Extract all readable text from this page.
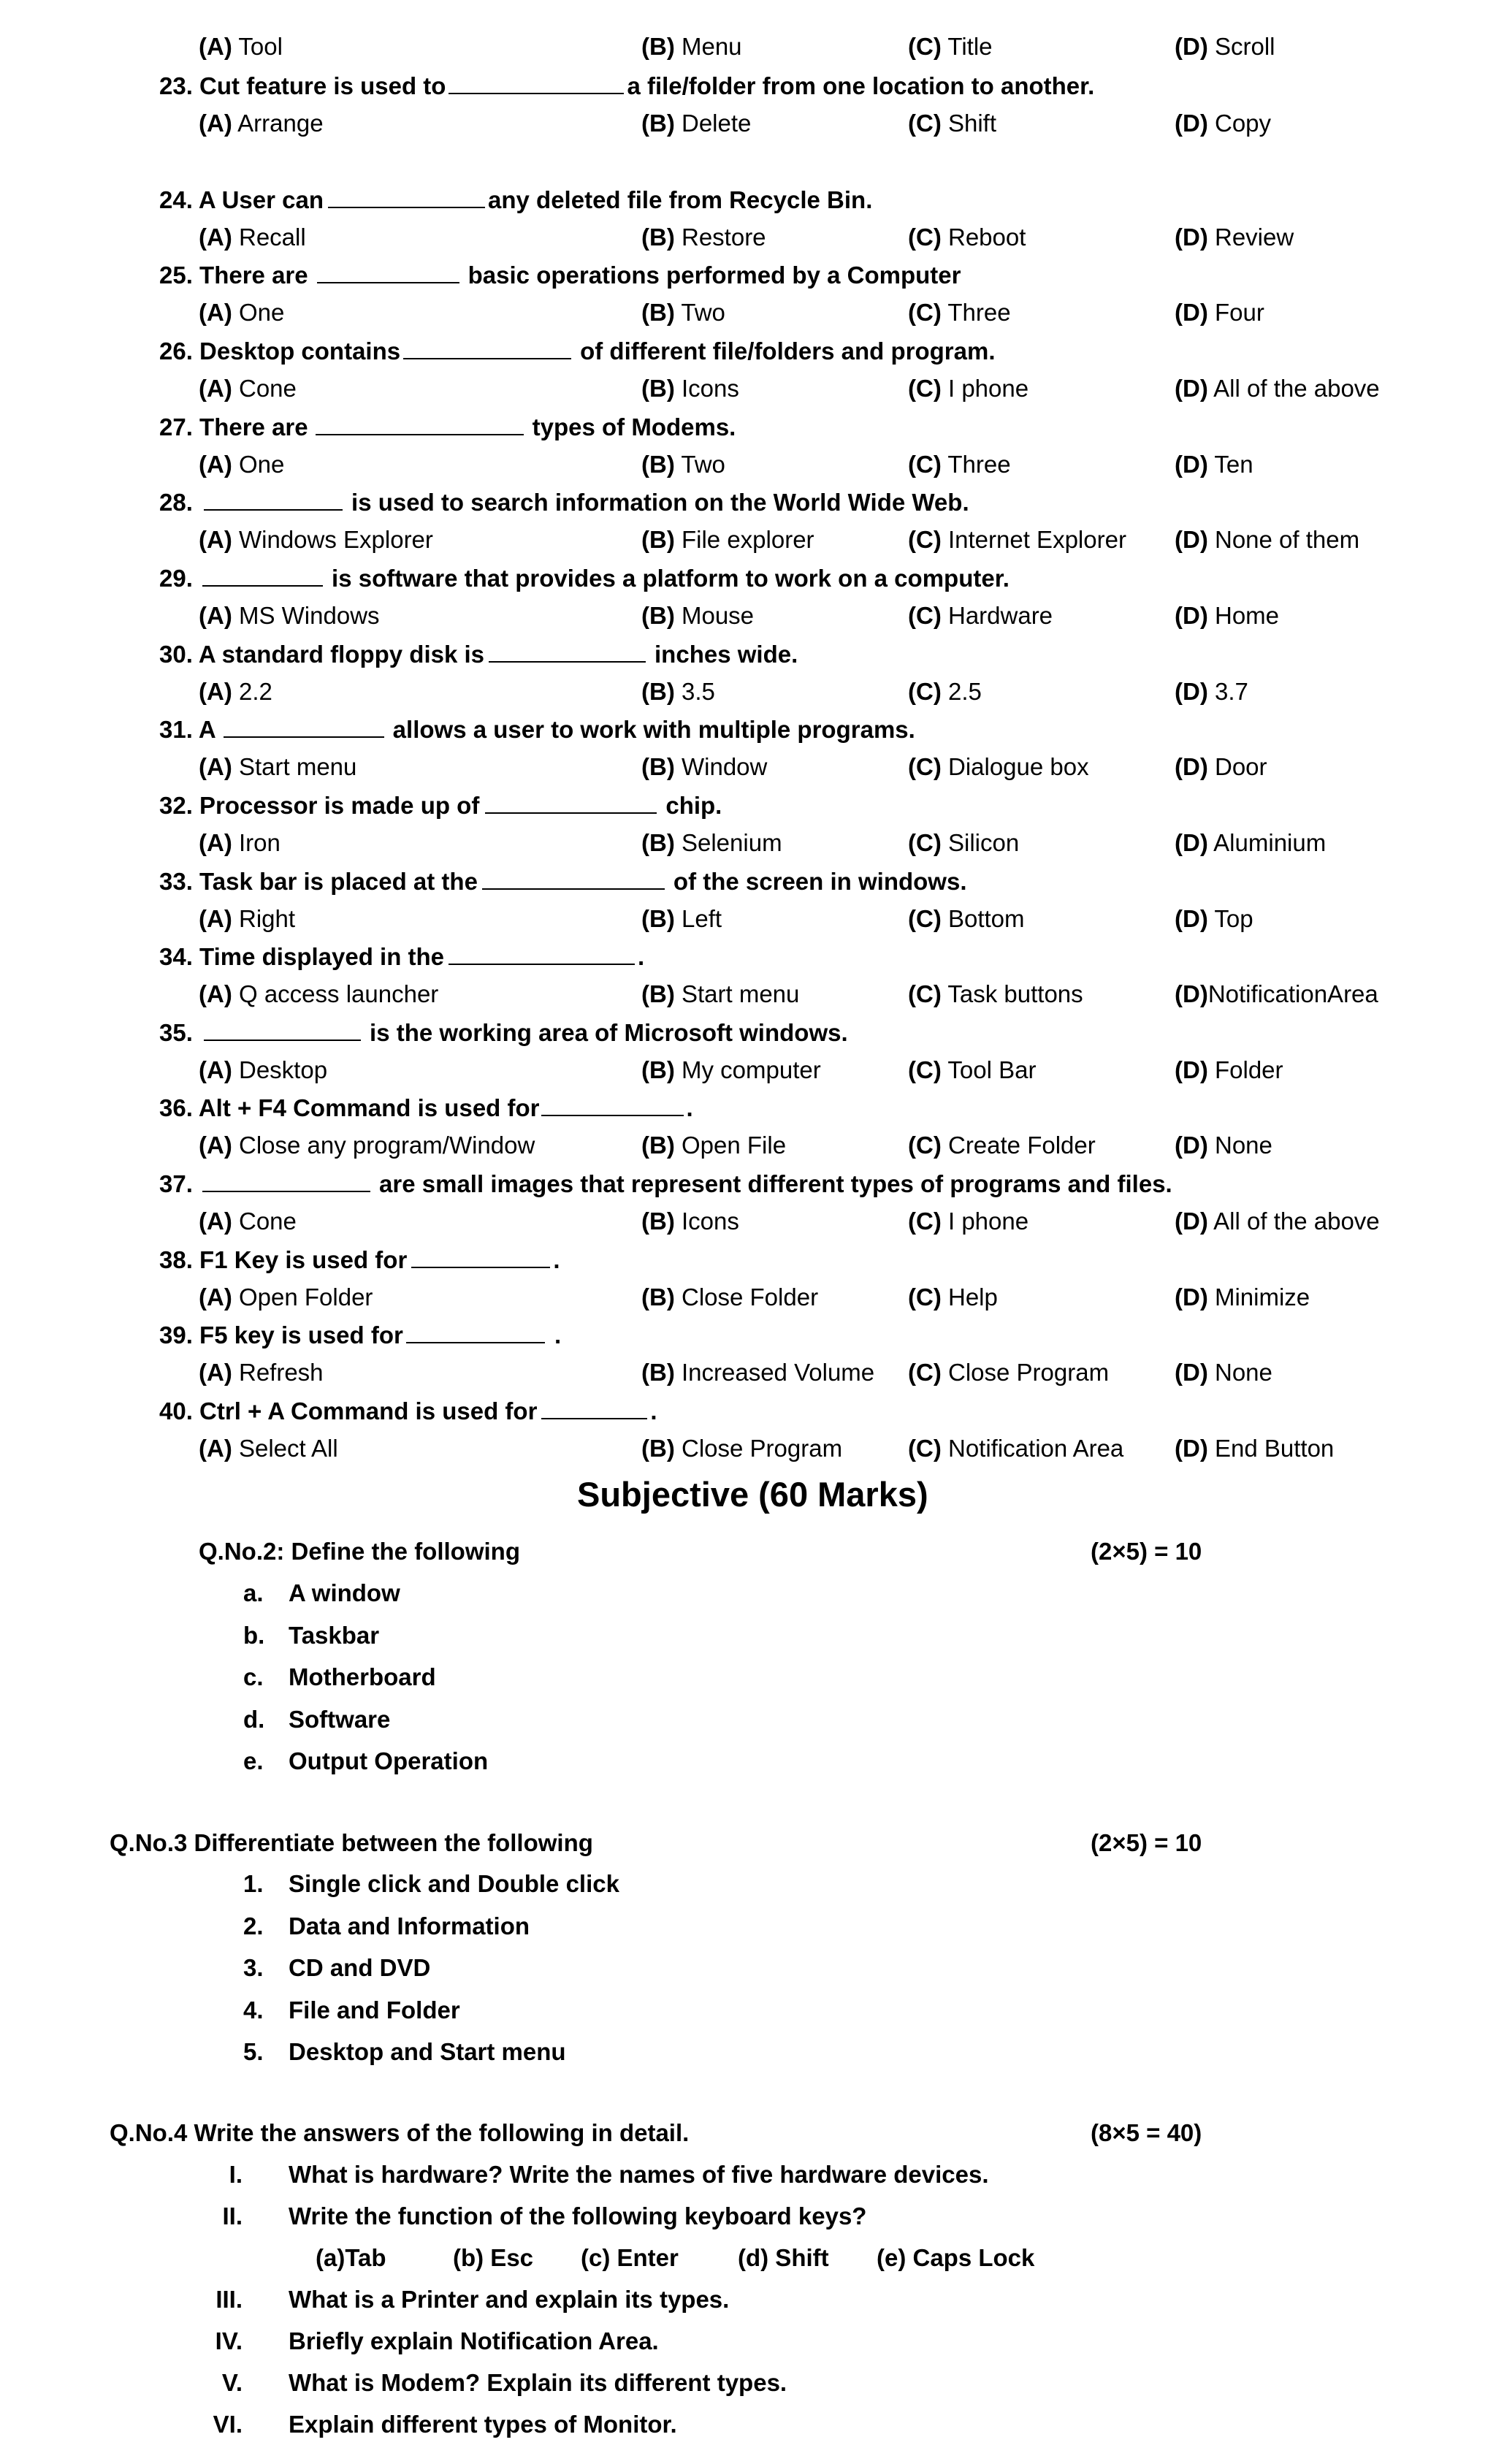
(A) Tool	(B) Menu	(C) Title	(D) Scroll
23. Cut feature is used to	a file/folder from one location to another.
(A) Arrange	(B) Delete	(C) Shift	(D) Copy
24. A User can	any deleted file from Recycle Bin.
(A) Recall	(B) Restore	(C) Reboot	(D) Review
25. There are	basic operations performed by a Computer
(A) One	(B) Two	(C) Three	(D) Four
26. Desktop contains	of different file/folders and program.
(A) Cone	(B) Icons	(C) I phone	(D) All of the above
27. There are	types of Modems.
(A) One	(B) Two	(C) Three	(D) Ten
28.	is used to search information on the World Wide Web.
(A) Windows Explorer	(B) File explorer	(C) Internet Explorer (D) None of them
29.	is software that provides a platform to work on a computer.
(A) MS Windows	(B) Mouse	(C) Hardware	(D) Home
30. A standard floppy disk is	inches wide.
(A) 2.2	(B) 3.5	(C) 2.5	(D) 3.7
31. A	allows a user to work with multiple programs.
(A) Start menu	(B) Window	(C) Dialogue box	(D) Door
32. Processor is made up of	chip.
(A) Iron	(B) Selenium	(C) Silicon	(D) Aluminium
33. Task bar is placed at the	of the screen in windows.
(A) Right	(B) Left	(C) Bottom	(D) Top
34. Time displayed in the	.
(A) Q access launcher	(B) Start menu	(C) Task buttons	(D)NotificationArea
35.	is the working area of Microsoft windows.
(A) Desktop	(B) My computer	(C) Tool Bar	(D) Folder
36. Alt + F4 Command is used for	.
(A) Close any program/Window	(B) Open File	(C) Create Folder	(D) None
37.	are small images that represent different types of programs and files.
(A) Cone	(B) Icons	(C) I phone	(D) All of the above
38. F1 Key is used for	.
(A) Open Folder	(B) Close Folder	(C) Help	(D) Minimize
39. F5 key is used for	.
(A) Refresh	(B) Increased Volume (C) Close Program	(D) None
40. Ctrl + A Command is used for	.
(A) Select All	(B) Close Program	(C) Notification Area (D) End Button
Subjective (60 Marks)
Q.No.2: Define the following	(2×5) = 10
a. A window
b. Taskbar
c. Motherboard
d. Software
e. Output Operation
Q.No.3 Differentiate between the following	(2×5) = 10
1. Single click and Double click
2. Data and Information
3. CD and DVD
4. File and Folder
5. Desktop and Start menu
Q.No.4 Write the answers of the following in detail.	(8×5 = 40)
I. What is hardware? Write the names of five hardware devices.
II. Write the function of the following keyboard keys?
III. What is a Printer and explain its types.
IV. Briefly explain Notification Area.
V. What is Modem? Explain its different types.
VI. Explain different types of Monitor.
(a)Tab	(b) Esc (c) Enter (d) Shift (e) Caps Lock
